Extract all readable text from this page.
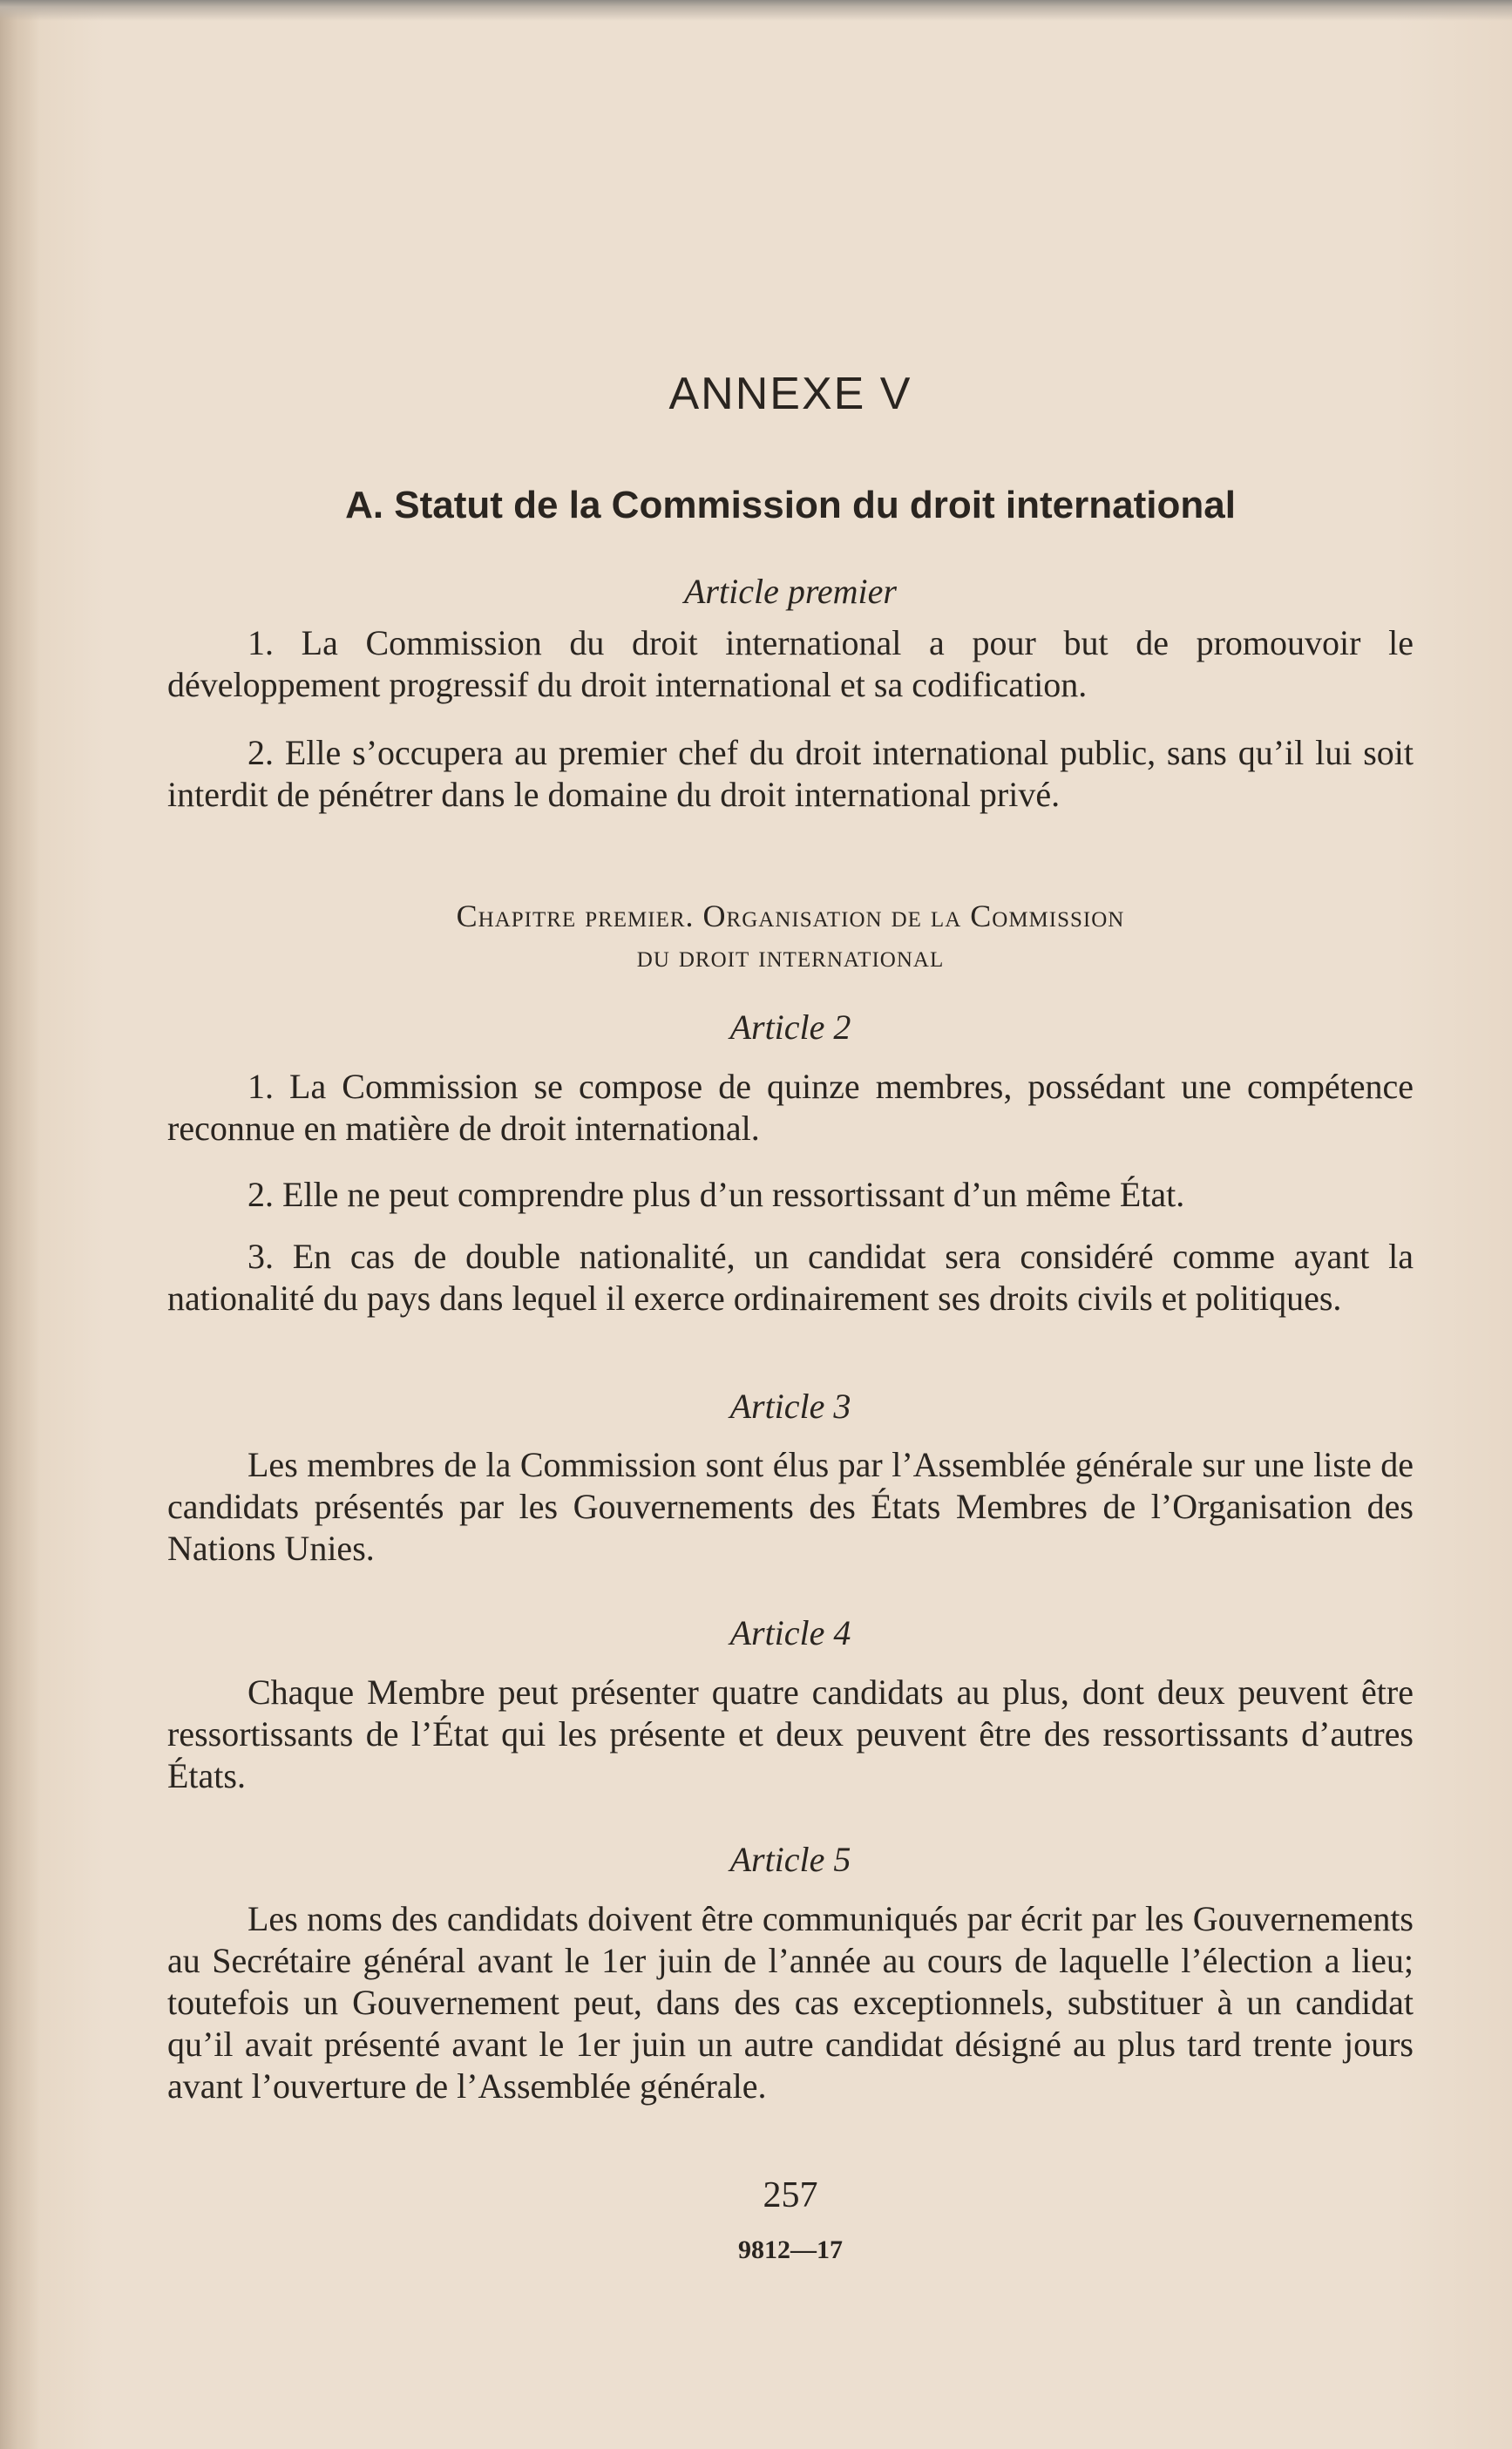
ANNEXE V
A. Statut de la Commission du droit international
Article premier
1. La Commission du droit international a pour but de promouvoir le développement progressif du droit international et sa codification.
2. Elle s’occupera au premier chef du droit international public, sans qu’il lui soit interdit de pénétrer dans le domaine du droit international privé.
Chapitre premier. Organisation de la Commission
du droit international
Article 2
1. La Commission se compose de quinze membres, possédant une compétence reconnue en matière de droit international.
2. Elle ne peut comprendre plus d’un ressortissant d’un même État.
3. En cas de double nationalité, un candidat sera considéré comme ayant la nationalité du pays dans lequel il exerce ordinairement ses droits civils et politiques.
Article 3
Les membres de la Commission sont élus par l’Assemblée générale sur une liste de candidats présentés par les Gouvernements des États Membres de l’Organisation des Nations Unies.
Article 4
Chaque Membre peut présenter quatre candidats au plus, dont deux peuvent être ressortissants de l’État qui les présente et deux peuvent être des ressortissants d’autres États.
Article 5
Les noms des candidats doivent être communiqués par écrit par les Gouvernements au Secrétaire général avant le 1er juin de l’année au cours de laquelle l’élection a lieu; toutefois un Gouvernement peut, dans des cas exceptionnels, substituer à un candidat qu’il avait présenté avant le 1er juin un autre candidat désigné au plus tard trente jours avant l’ouverture de l’Assemblée générale.
257
9812—17
